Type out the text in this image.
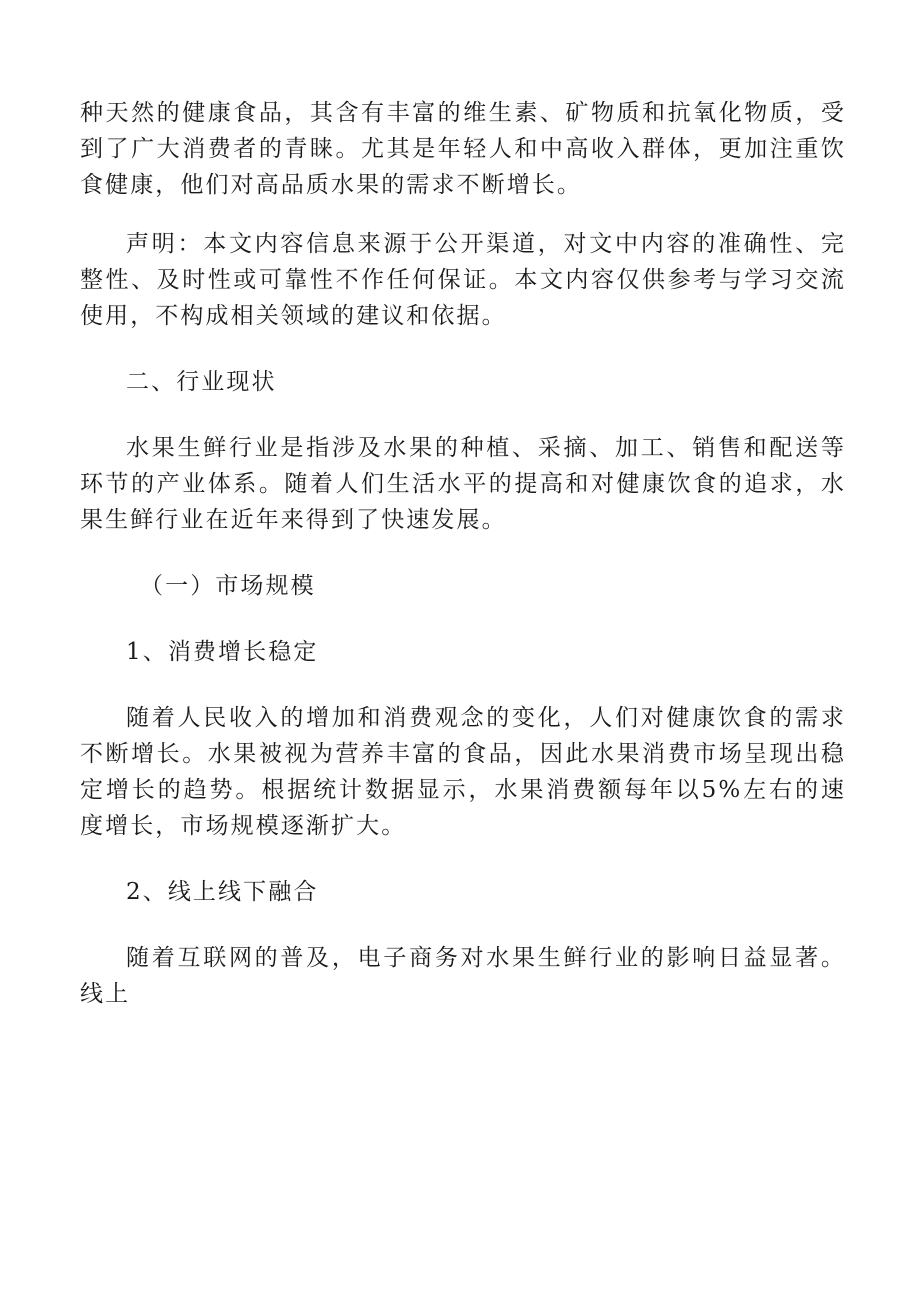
种天然的健康食品，其含有丰富的维生素、矿物质和抗氧化物质，受到了广大消费者的青睐。尤其是年轻人和中高收入群体，更加注重饮食健康，他们对高品质水果的需求不断增长。

声明：本文内容信息来源于公开渠道，对文中内容的准确性、完整性、及时性或可靠性不作任何保证。本文内容仅供参考与学习交流使用，不构成相关领域的建议和依据。

二、行业现状

水果生鲜行业是指涉及水果的种植、采摘、加工、销售和配送等环节的产业体系。随着人们生活水平的提高和对健康饮食的追求，水果生鲜行业在近年来得到了快速发展。

（一）市场规模

1、消费增长稳定

随着人民收入的增加和消费观念的变化，人们对健康饮食的需求不断增长。水果被视为营养丰富的食品，因此水果消费市场呈现出稳定增长的趋势。根据统计数据显示，水果消费额每年以5%左右的速度增长，市场规模逐渐扩大。

2、线上线下融合

随着互联网的普及，电子商务对水果生鲜行业的影响日益显著。线上
